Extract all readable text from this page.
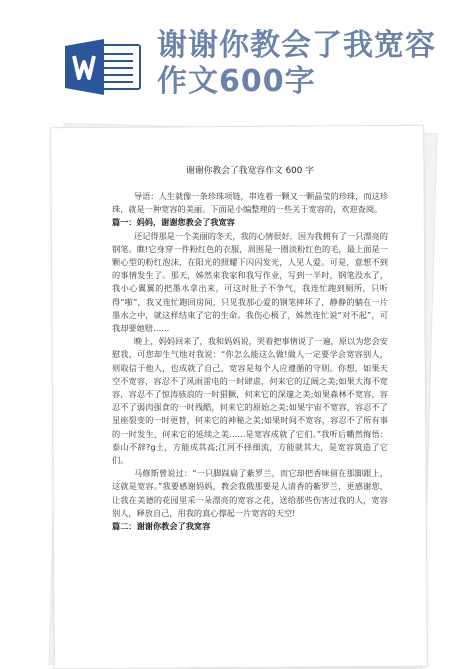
谢谢你教会了我宽容作文600字
谢谢你教会了我宽容作文 600 字

导语：人生就像一条珍珠项链，串连着一颗又一颗晶莹的珍珠，而这珍珠，就是一种宽容的美丽。下面是小编整理的一些关于宽容的，欢迎查阅。

篇一：妈妈，谢谢您教会了我宽容

还记得那是一个美丽的冬天，我的心情很好，因为我拥有了一只漂亮的钢笔。瞧!它身穿一件粉红色的衣服，周围是一圈淡粉红色的毛，最上面是一颗心型的粉红泡沫，在阳光的照耀下闪闪发光，人见人爱。可是，意想不到的事情发生了。那天，姊然来我家和我写作业，写到一半时，钢笔没水了，我小心翼翼的把墨水拿出来，可这时肚子不争气，我连忙跑到厕所，只听得“啪”，我又连忙跑回房间，只见我那心爱的钢笔摔坏了，静静的躺在一片墨水之中，就这样结束了它的生命。我伤心极了，姊然连忙说“对不起”，可我却要她赔……

晚上，妈妈回来了，我和妈妈说，哭着把事情说了一遍，原以为您会安慰我，可您却生气地对我说：“你怎么能这么做!做人一定要学会宽容别人，则取信于他人，也成就了自己，宽容是每个人应遵循的守则。你想，如果天空不宽容，容忍不了风雨雷电的一时肆虐，何来它的辽阔之美;如果大海不宽容，容忍不了惊涛骇浪的一时猖獗，何来它的深邃之美;如果森林不宽容，容忍不了弱肉强食的一时残酷，何来它的原始之美;如果宇宙不宽容，容忍不了星座裂变的一时更替，何来它的神秘之美;如果时间不宽容，容忍不了所有事的一时发生，何来它的延续之美……是宽容成就了它们。”我听后幡然悔悟：泰山不辞?g土，方能成其高;江河不择细流，方能就其大，是宽容筑造了它们。

马修斯曾说过：“一只脚踩扁了紫罗兰，而它却把香味留在那脚跟上，这就是宽容。”我要感谢妈妈，教会我俄那要是人清香的紫罗兰，更感谢您，让我在美德的花园里采一朵漂亮的宽容之花，送给那些伤害过我的人，宽容别人，释放自己，用我的真心撑起一片宽容的天空!

篇二：谢谢你教会了我宽容
